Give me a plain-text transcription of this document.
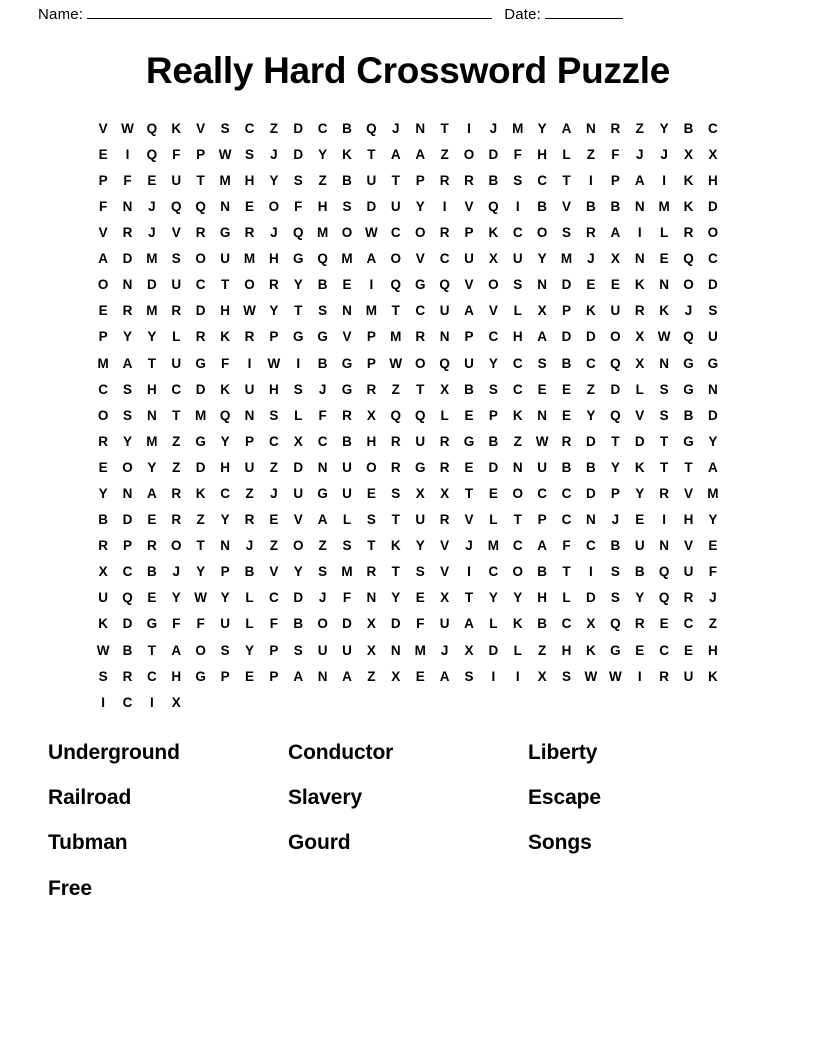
Name:	Date:
Really Hard Crossword Puzzle
V	W Q	K	V	S	C	Z	D	C	B	Q	J	N	T	I	J	M	Y	A	N	R	Z	Y	B	C
E	I	Q	F	P	W	S	J	D	Y	K	T	A	A	Z	O	D	F	H	L	Z	F	J	J	X	X
P	F	E	U	T	M	H	Y	S	Z	B	U	T	P	R	R	B	S	C	T	I	P	A	I	K	H
F	N	J	Q	Q	N	E	O	F	H	S	D	U	Y	I	V	Q	I	B	V	B	B	N	M	K	D
V	R	J	V	R	G	R	J	Q	M	O W C	O	R	P	K	C	O	S	R	A	I	L	R	O
A	D	M	S	O	U	M	H	G	Q	M	A	O	V	C	U	X	U	Y	M	J	X	N	E	Q	C
O	N	D	U	C	T	O	R	Y	B	E	I	Q	G	Q	V	O	S	N	D	E	E	K	N	O	D
E	R	M	R	D	H W	Y	T	S	N	M	T	C	U	A	V	L	X	P	K	U	R	K	J	S
P	Y	Y	L	R	K	R	P	G	G	V	P	M	R	N	P	C	H	A	D	D	O	X	W Q	U
M	A	T	U	G	F	I	W	I	B	G	P	W O	Q	U	Y	C	S	B	C	Q	X	N	G	G
C	S	H	C	D	K	U	H	S	J	G	R	Z	T	X	B	S	C	E	E	Z	D	L	S	G	N
O	S	N	T	M	Q	N	S	L	F	R	X	Q	Q	L	E	P	K	N	E	Y	Q	V	S	B	D
R	Y	M	Z	G	Y	P	C	X	C	B	H	R	U	R	G	B	Z	W R	D	T	D	T	G	Y
E	O	Y	Z	D	H	U	Z	D	N	U	O	R	G	R	E	D	N	U	B	B	Y	K	T	T	A
Y	N	A	R	K	C	Z	J	U	G	U	E	S	X	X	T	E	O	C	C	D	P	Y	R	V	M
B	D	E	R	Z	Y	R	E	V	A	L	S	T	U	R	V	L	T	P	C	N	J	E	I	H	Y
R	P	R	O	T	N	J	Z	O	Z	S	T	K	Y	V	J	M	C	A	F	C	B	U	N	V	E
X	C	B	J	Y	P	B	V	Y	S	M	R	T	S	V	I	C	O	B	T	I	S	B	Q	U	F
U	Q	E	Y	W	Y	L	C	D	J	F	N	Y	E	X	T	Y	Y	H	L	D	S	Y	Q	R	J
K	D	G	F	F	U	L	F	B	O	D	X	D	F	U	A	L	K	B	C	X	Q	R	E	C	Z
W B	T	A	O	S	Y	P	S	U	U	X	N	M	J	X	D	L	Z	H	K	G	E	C	E	H
S	R	C	H	G	P	E	P	A	N	A	Z	X	E	A	S	I	I	X	S	W W	I	R	U	K
I	C	I	X
Underground	Conductor	Liberty
Railroad	Slavery	Escape
Tubman	Gourd	Songs
Free
